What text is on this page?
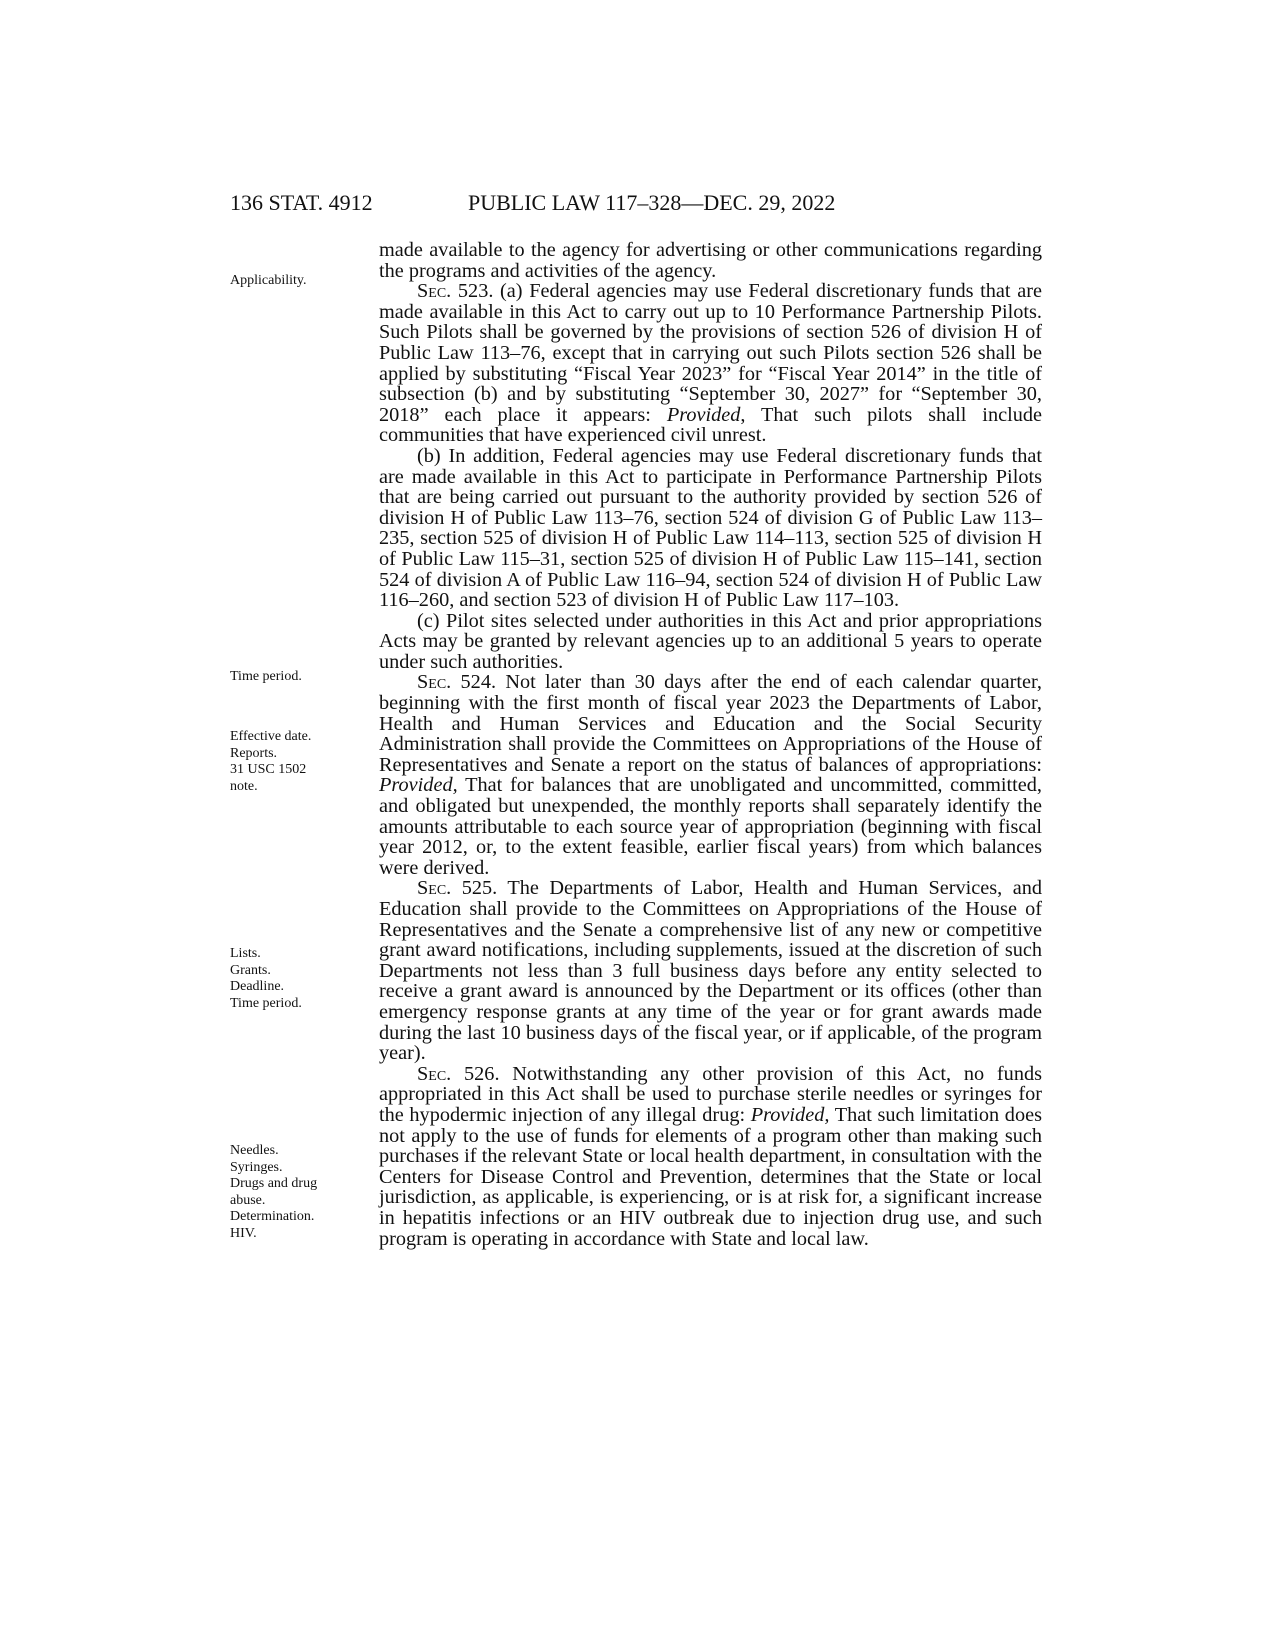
136 STAT. 4912	PUBLIC LAW 117–328—DEC. 29, 2022
Applicability.
Time period.
Effective date.
Reports.
31 USC 1502
note.
Lists.
Grants.
Deadline.
Time period.
Needles.
Syringes.
Drugs and drug
abuse.
Determination.
HIV.

made available to the agency for advertising or other communications regarding the programs and activities of the agency.

Sec. 523. (a) Federal agencies may use Federal discretionary funds that are made available in this Act to carry out up to 10 Performance Partnership Pilots. Such Pilots shall be governed by the provisions of section 526 of division H of Public Law 113–76, except that in carrying out such Pilots section 526 shall be applied by substituting “Fiscal Year 2023” for “Fiscal Year 2014” in the title of subsection (b) and by substituting “September 30, 2027” for “September 30, 2018” each place it appears: Provided, That such pilots shall include communities that have experienced civil unrest.

(b) In addition, Federal agencies may use Federal discretionary funds that are made available in this Act to participate in Performance Partnership Pilots that are being carried out pursuant to the authority provided by section 526 of division H of Public Law 113–76, section 524 of division G of Public Law 113–235, section 525 of division H of Public Law 114–113, section 525 of division H of Public Law 115–31, section 525 of division H of Public Law 115–141, section 524 of division A of Public Law 116–94, section 524 of division H of Public Law 116–260, and section 523 of division H of Public Law 117–103.

(c) Pilot sites selected under authorities in this Act and prior appropriations Acts may be granted by relevant agencies up to an additional 5 years to operate under such authorities.

Sec. 524. Not later than 30 days after the end of each calendar quarter, beginning with the first month of fiscal year 2023 the Departments of Labor, Health and Human Services and Education and the Social Security Administration shall provide the Committees on Appropriations of the House of Representatives and Senate a report on the status of balances of appropriations: Provided, That for balances that are unobligated and uncommitted, committed, and obligated but unexpended, the monthly reports shall separately identify the amounts attributable to each source year of appropriation (beginning with fiscal year 2012, or, to the extent feasible, earlier fiscal years) from which balances were derived.

Sec. 525. The Departments of Labor, Health and Human Services, and Education shall provide to the Committees on Appropriations of the House of Representatives and the Senate a comprehensive list of any new or competitive grant award notifications, including supplements, issued at the discretion of such Departments not less than 3 full business days before any entity selected to receive a grant award is announced by the Department or its offices (other than emergency response grants at any time of the year or for grant awards made during the last 10 business days of the fiscal year, or if applicable, of the program year).

Sec. 526. Notwithstanding any other provision of this Act, no funds appropriated in this Act shall be used to purchase sterile needles or syringes for the hypodermic injection of any illegal drug: Provided, That such limitation does not apply to the use of funds for elements of a program other than making such purchases if the relevant State or local health department, in consultation with the Centers for Disease Control and Prevention, determines that the State or local jurisdiction, as applicable, is experiencing, or is at risk for, a significant increase in hepatitis infections or an HIV outbreak due to injection drug use, and such program is operating in accordance with State and local law.
